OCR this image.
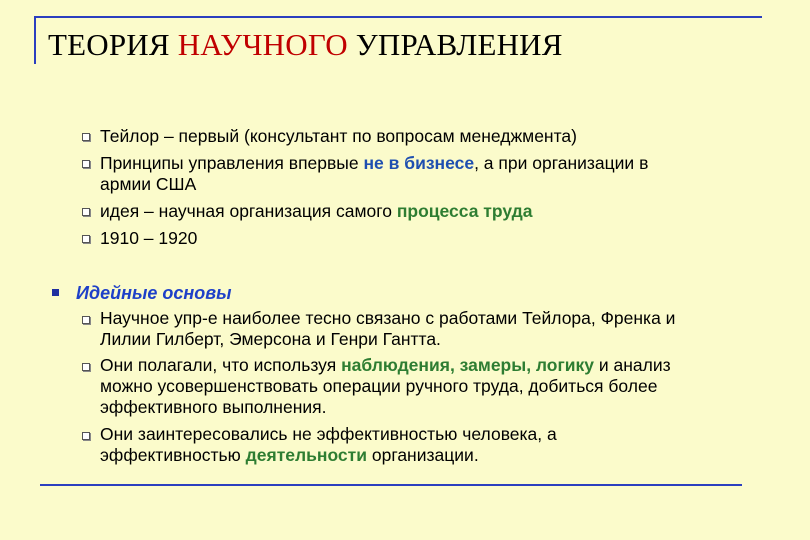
ТЕОРИЯ НАУЧНОГО УПРАВЛЕНИЯ
Тейлор – первый (консультант по вопросам менеджмента)
Принципы управления впервые не в бизнесе, а при организации в
армии США
идея – научная организация самого процесса труда
1910 – 1920
Идейные основы
Научное упр-е наиболее тесно связано с работами Тейлора, Френка и
Лилии Гилберт, Эмерсона и Генри Гантта.
Они полагали, что используя наблюдения, замеры, логику и анализ
можно усовершенствовать операции ручного труда, добиться более
эффективного выполнения.
Они заинтересовались не эффективностью человека, а
эффективностью деятельности организации.
